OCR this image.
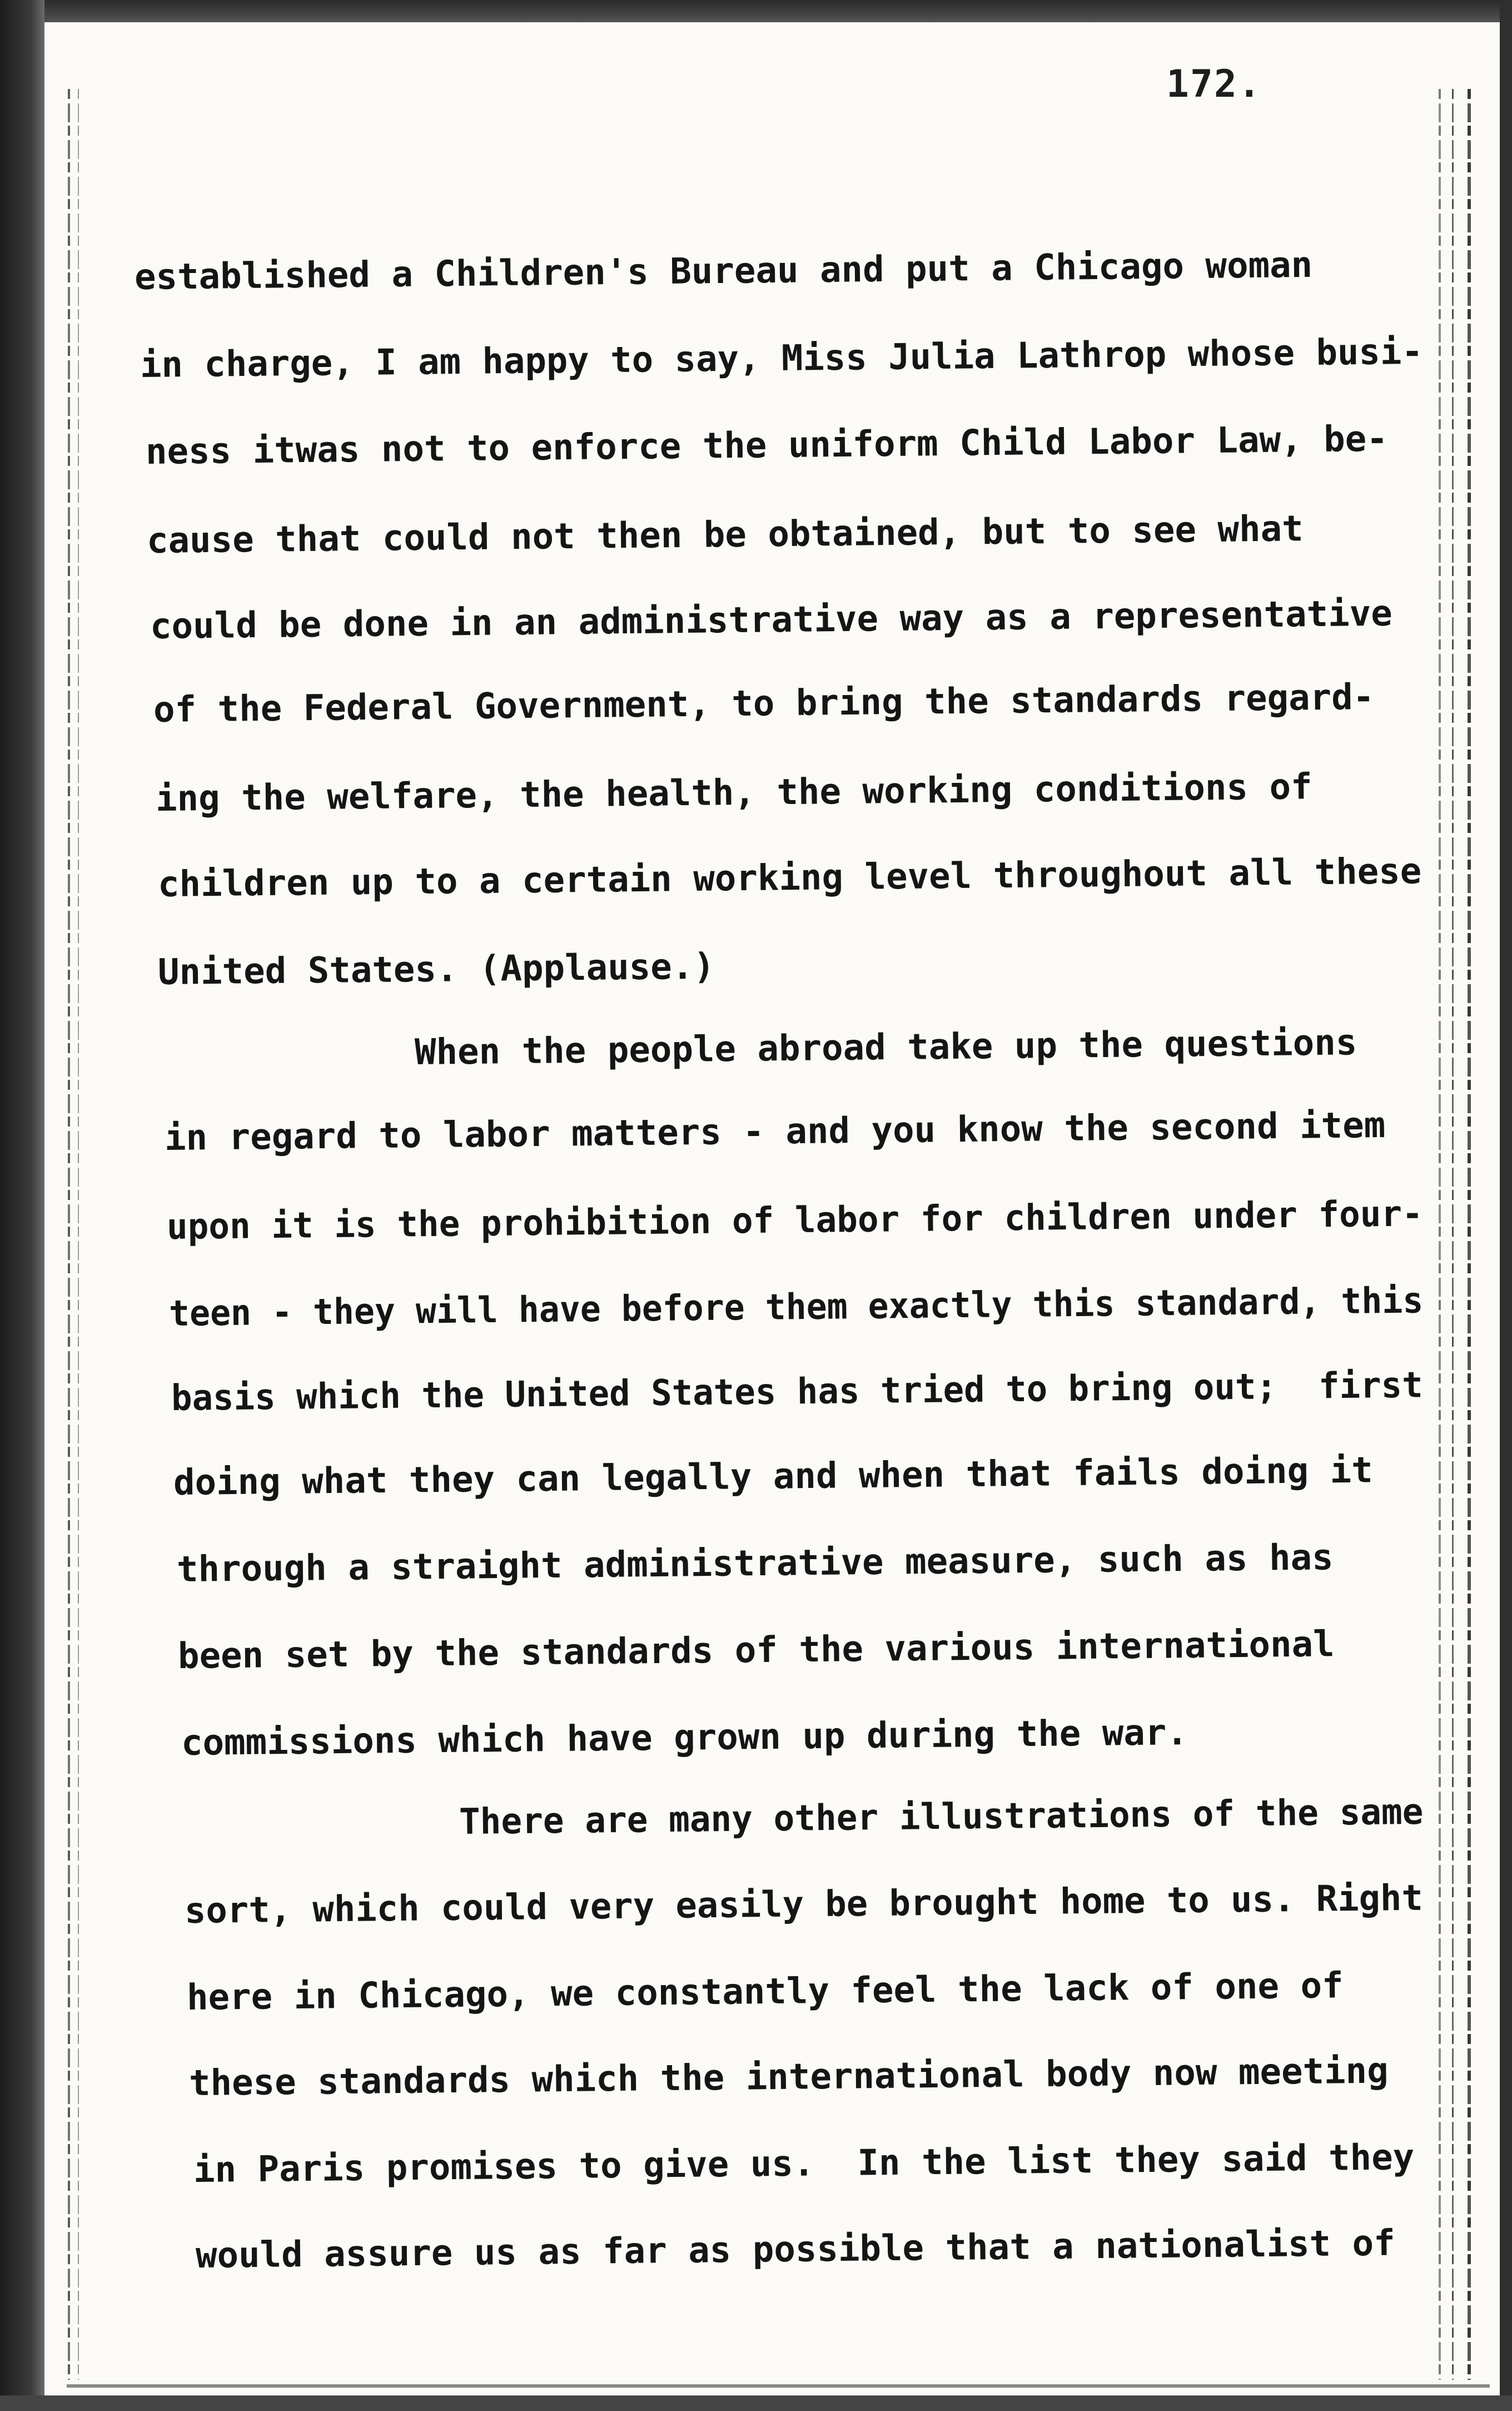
172.
established a Children's Bureau and put a Chicago woman
in charge, I am happy to say, Miss Julia Lathrop whose busi-
ness itwas not to enforce the uniform Child Labor Law, be-
cause that could not then be obtained, but to see what
could be done in an administrative way as a representative
of the Federal Government, to bring the standards regard-
ing the welfare, the health, the working conditions of
children up to a certain working level throughout all these
United States. (Applause.)
When the people abroad take up the questions
in regard to labor matters - and you know the second item
upon it is the prohibition of labor for children under four-
teen - they will have before them exactly this standard, this
basis which the United States has tried to bring out;  first
doing what they can legally and when that fails doing it
through a straight administrative measure, such as has
been set by the standards of the various international
commissions which have grown up during the war.
There are many other illustrations of the same
sort, which could very easily be brought home to us. Right
here in Chicago, we constantly feel the lack of one of
these standards which the international body now meeting
in Paris promises to give us.  In the list they said they
would assure us as far as possible that a nationalist of
